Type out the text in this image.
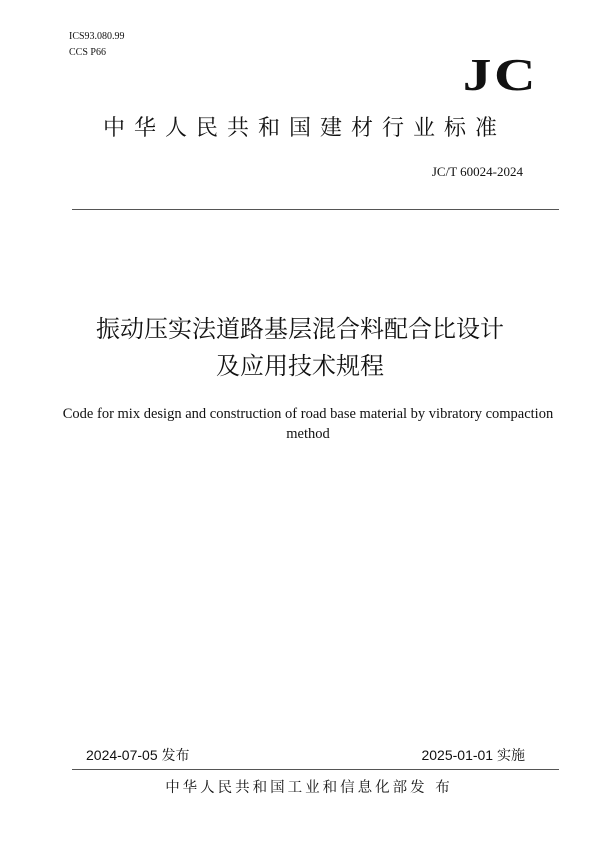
ICS93.080.99
CCS P66	JC
中华人民共和国建材行业标准
JC/T 60024-2024
振动压实法道路基层混合料配合比设计
及应用技术规程
Code for mix design and construction of road base material by vibratory compaction
method
2024-07-05 发布	2025-01-01 实施
中华人民共和国工业和信息化部发 布
